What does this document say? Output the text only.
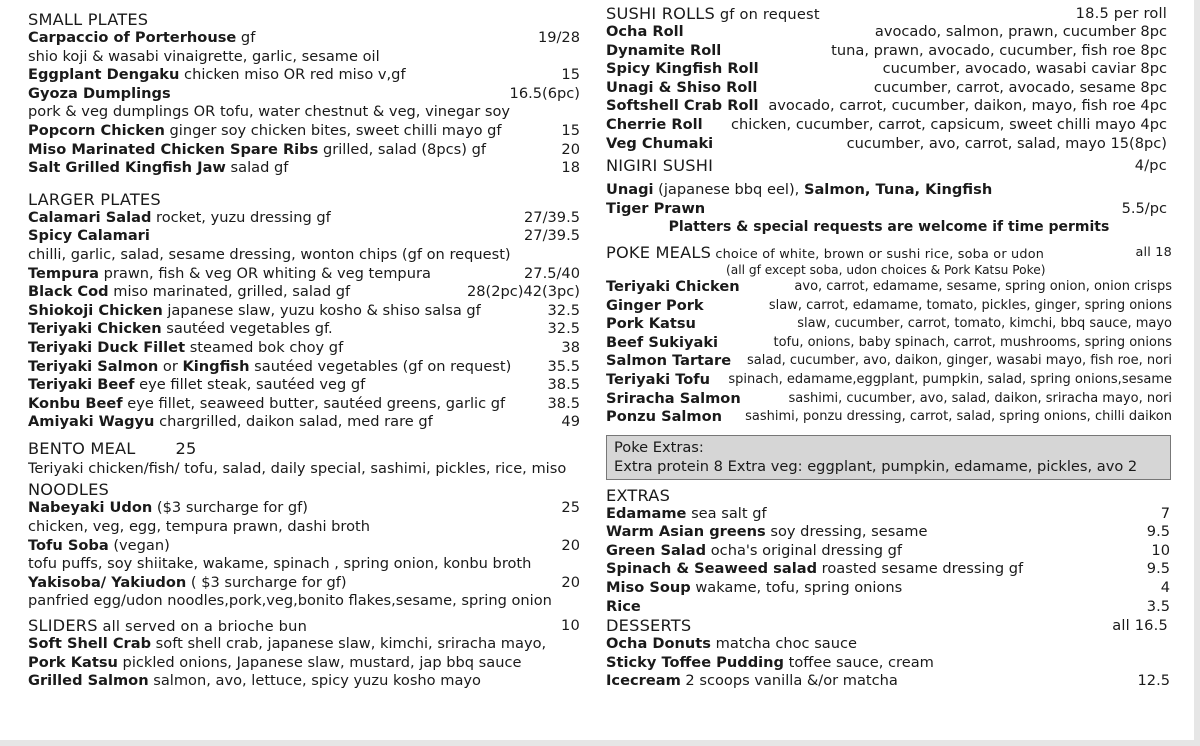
SMALL PLATES
Carpaccio of Porterhouse gf	19/28
shio koji & wasabi vinaigrette, garlic, sesame oil
Eggplant Dengaku chicken miso OR red miso v,gf	15
Gyoza Dumplings	16.5(6pc)
pork & veg dumplings OR tofu, water chestnut & veg, vinegar soy
Popcorn Chicken ginger soy chicken bites, sweet chilli mayo gf	15
Miso Marinated Chicken Spare Ribs grilled, salad (8pcs) gf	20
Salt Grilled Kingfish Jaw salad gf	18
LARGER PLATES
Calamari Salad rocket, yuzu dressing gf	27/39.5
Spicy Calamari	27/39.5
chilli, garlic, salad, sesame dressing, wonton chips (gf on request)
Tempura prawn, fish & veg OR whiting & veg tempura	27.5/40
Black Cod miso marinated, grilled, salad gf	28(2pc)42(3pc)
Shiokoji Chicken japanese slaw, yuzu kosho & shiso salsa gf	32.5
Teriyaki Chicken sautéed vegetables gf.	32.5
Teriyaki Duck Fillet steamed bok choy gf	38
Teriyaki Salmon or Kingfish sautéed vegetables (gf on request) 35.5
Teriyaki Beef eye fillet steak, sautéed veg gf	38.5
Konbu Beef eye fillet, seaweed butter, sautéed greens, garlic gf	38.5
Amiyaki Wagyu chargrilled, daikon salad, med rare gf	49
BENTO MEAL 25
Teriyaki chicken/fish/ tofu, salad, daily special, sashimi, pickles, rice, miso
NOODLES
Nabeyaki Udon ($3 surcharge for gf)	25
chicken, veg, egg, tempura prawn, dashi broth
Tofu Soba (vegan)	20
tofu puffs, soy shiitake, wakame, spinach , spring onion, konbu broth
Yakisoba/ Yakiudon ( $3 surcharge for gf)	20
panfried egg/udon noodles,pork,veg,bonito flakes,sesame, spring onion
SLIDERS all served on a brioche bun	10
Soft Shell Crab soft shell crab, japanese slaw, kimchi, sriracha mayo,
Pork Katsu pickled onions, Japanese slaw, mustard, jap bbq sauce
Grilled Salmon salmon, avo, lettuce, spicy yuzu kosho mayo
SUSHI ROLLS gf on request	18.5 per roll
Ocha Roll	avocado, salmon, prawn, cucumber 8pc
Dynamite Roll	tuna, prawn, avocado, cucumber, fish roe 8pc
Spicy Kingfish Roll	cucumber, avocado, wasabi caviar 8pc
Unagi & Shiso Roll	cucumber, carrot, avocado, sesame 8pc
Softshell Crab Roll avocado, carrot, cucumber, daikon, mayo, fish roe 4pc
Cherrie Roll chicken, cucumber, carrot, capsicum, sweet chilli mayo 4pc
Veg Chumaki	cucumber, avo, carrot, salad, mayo 15(8pc)
NIGIRI SUSHI	4/pc
Unagi (japanese bbq eel), Salmon, Tuna, Kingfish
Tiger Prawn	5.5/pc
Platters & special requests are welcome if time permits
POKE MEALS choice of white, brown or sushi rice, soba or udon	all 18
(all gf except soba, udon choices & Pork Katsu Poke)
Teriyaki Chicken	avo, carrot, edamame, sesame, spring onion, onion crisps
Ginger Pork	slaw, carrot, edamame, tomato, pickles, ginger, spring onions
Pork Katsu	slaw, cucumber, carrot, tomato, kimchi, bbq sauce, mayo
Beef Sukiyaki	tofu, onions, baby spinach, carrot, mushrooms, spring onions
Salmon Tartare salad, cucumber, avo, daikon, ginger, wasabi mayo, fish roe, nori
Teriyaki Tofu spinach, edamame,eggplant, pumpkin, salad, spring onions,sesame
Sriracha Salmon	sashimi, cucumber, avo, salad, daikon, sriracha mayo, nori
Ponzu Salmon sashimi, ponzu dressing, carrot, salad, spring onions, chilli daikon
Poke Extras:
Extra protein 8 Extra veg: eggplant, pumpkin, edamame, pickles, avo 2
EXTRAS
Edamame sea salt gf	7
Warm Asian greens soy dressing, sesame	9.5
Green Salad ocha's original dressing gf	10
Spinach & Seaweed salad roasted sesame dressing gf	9.5
Miso Soup wakame, tofu, spring onions	4
Rice	3.5
DESSERTS	all 16.5
Ocha Donuts matcha choc sauce
Sticky Toffee Pudding toffee sauce, cream
Icecream 2 scoops vanilla &/or matcha	12.5
